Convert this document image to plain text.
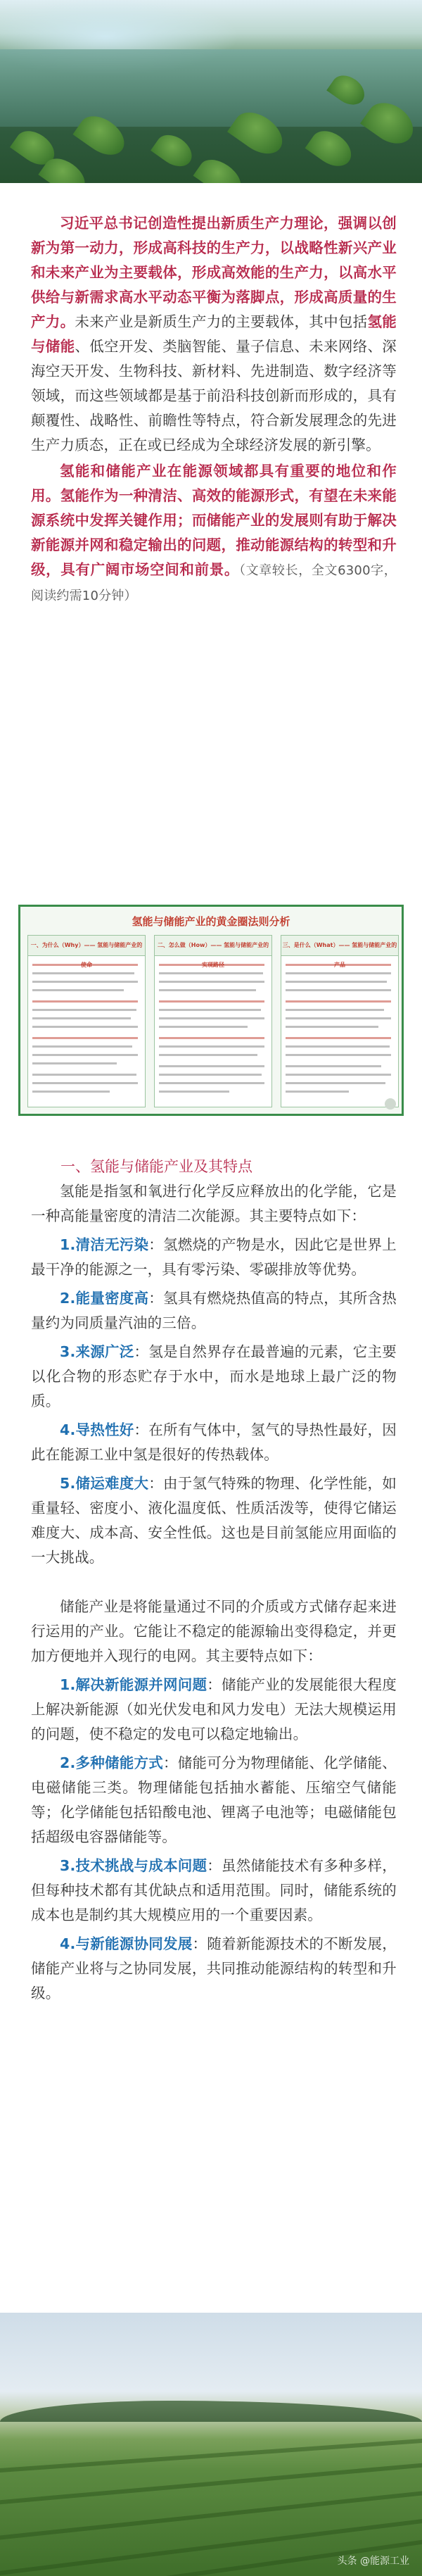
习近平总书记创造性提出新质生产力理论，强调以创新为第一动力，形成高科技的生产力，以战略性新兴产业和未来产业为主要载体，形成高效能的生产力，以高水平供给与新需求高水平动态平衡为落脚点，形成高质量的生产力。未来产业是新质生产力的主要载体，其中包括氢能与储能、低空开发、类脑智能、量子信息、未来网络、深海空天开发、生物科技、新材料、先进制造、数字经济等领域，而这些领域都是基于前沿科技创新而形成的，具有颠覆性、战略性、前瞻性等特点，符合新发展理念的先进生产力质态，正在或已经成为全球经济发展的新引擎。

氢能和储能产业在能源领域都具有重要的地位和作用。氢能作为一种清洁、高效的能源形式，有望在未来能源系统中发挥关键作用；而储能产业的发展则有助于解决新能源并网和稳定输出的问题，推动能源结构的转型和升级，具有广阔市场空间和前景。（文章较长，全文6300字，阅读约需10分钟）

氢能与储能产业的黄金圈法则分析

一、为什么（Why）—— 氢能与储能产业的	二、怎么做（How）—— 氢能与储能产业的	三、是什么（What）—— 氢能与储能产业的

一、氢能与储能产业及其特点

氢能是指氢和氧进行化学反应释放出的化学能，它是一种高能量密度的清洁二次能源。其主要特点如下：

1.清洁无污染：氢燃烧的产物是水，因此它是世界上最干净的能源之一，具有零污染、零碳排放等优势。

2.能量密度高：氢具有燃烧热值高的特点，其所含热量约为同质量汽油的三倍。

3.来源广泛：氢是自然界存在最普遍的元素，它主要以化合物的形态贮存于水中，而水是地球上最广泛的物质。

4.导热性好：在所有气体中，氢气的导热性最好，因此在能源工业中氢是很好的传热载体。

5.储运难度大：由于氢气特殊的物理、化学性能，如重量轻、密度小、液化温度低、性质活泼等，使得它储运难度大、成本高、安全性低。这也是目前氢能应用面临的一大挑战。

储能产业是将能量通过不同的介质或方式储存起来进行运用的产业。它能让不稳定的能源输出变得稳定，并更加方便地并入现行的电网。其主要特点如下：

1.解决新能源并网问题：储能产业的发展能很大程度上解决新能源（如光伏发电和风力发电）无法大规模运用的问题，使不稳定的发电可以稳定地输出。

2.多种储能方式：储能可分为物理储能、化学储能、电磁储能三类。物理储能包括抽水蓄能、压缩空气储能等；化学储能包括铅酸电池、锂离子电池等；电磁储能包括超级电容器储能等。

3.技术挑战与成本问题：虽然储能技术有多种多样，但每种技术都有其优缺点和适用范围。同时，储能系统的成本也是制约其大规模应用的一个重要因素。

4.与新能源协同发展：随着新能源技术的不断发展，储能产业将与之协同发展，共同推动能源结构的转型和升级。

头条 @能源工业
